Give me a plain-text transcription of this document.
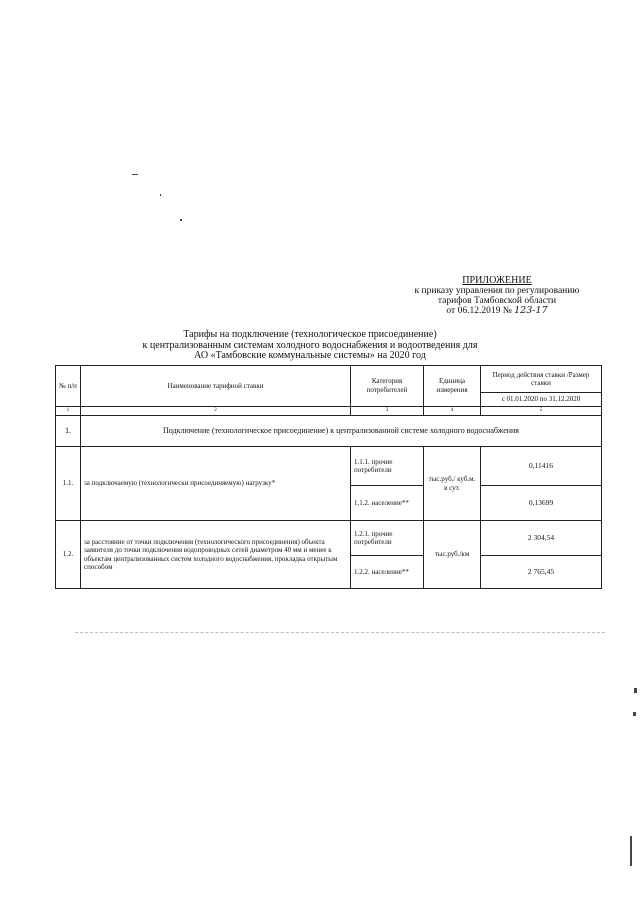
ПРИЛОЖЕНИЕ
к приказу управления по регулированию
тарифов Тамбовской области
от 06.12.2019 № 123-17
Тарифы на подключение (технологическое присоединение)
к централизованным системам холодного водоснабжения и водоотведения для
АО «Тамбовские коммунальные системы» на 2020 год
№ п/п	Наименование тарифной ставки	Категория потребителей	Единица измерения	Период действия ставки /Размер ставки
				с 01.01.2020 по 31.12.2020
1	2	3	4	5
1.	Подключение (технологическое присоединение) к централизованной системе холодного водоснабжения			
1.1.	за подключаемую (технологически присоединяемую) нагрузку*	1.1.1. прочие потребители	тыс.руб./ куб.м. в сут.	0,11416
		1.1.2. население**		0,13699
1.2.	за расстояние от точки подключения (технологического присоединения) объекта заявителя до точки подключения водопроводных сетей диаметром 40 мм и менее к объектам централизованных систем холодного водоснабжения, прокладка открытым способом	1.2.1. прочие потребители	тыс.руб./км	2 304,54
		1.2.2. население**		2 765,45
